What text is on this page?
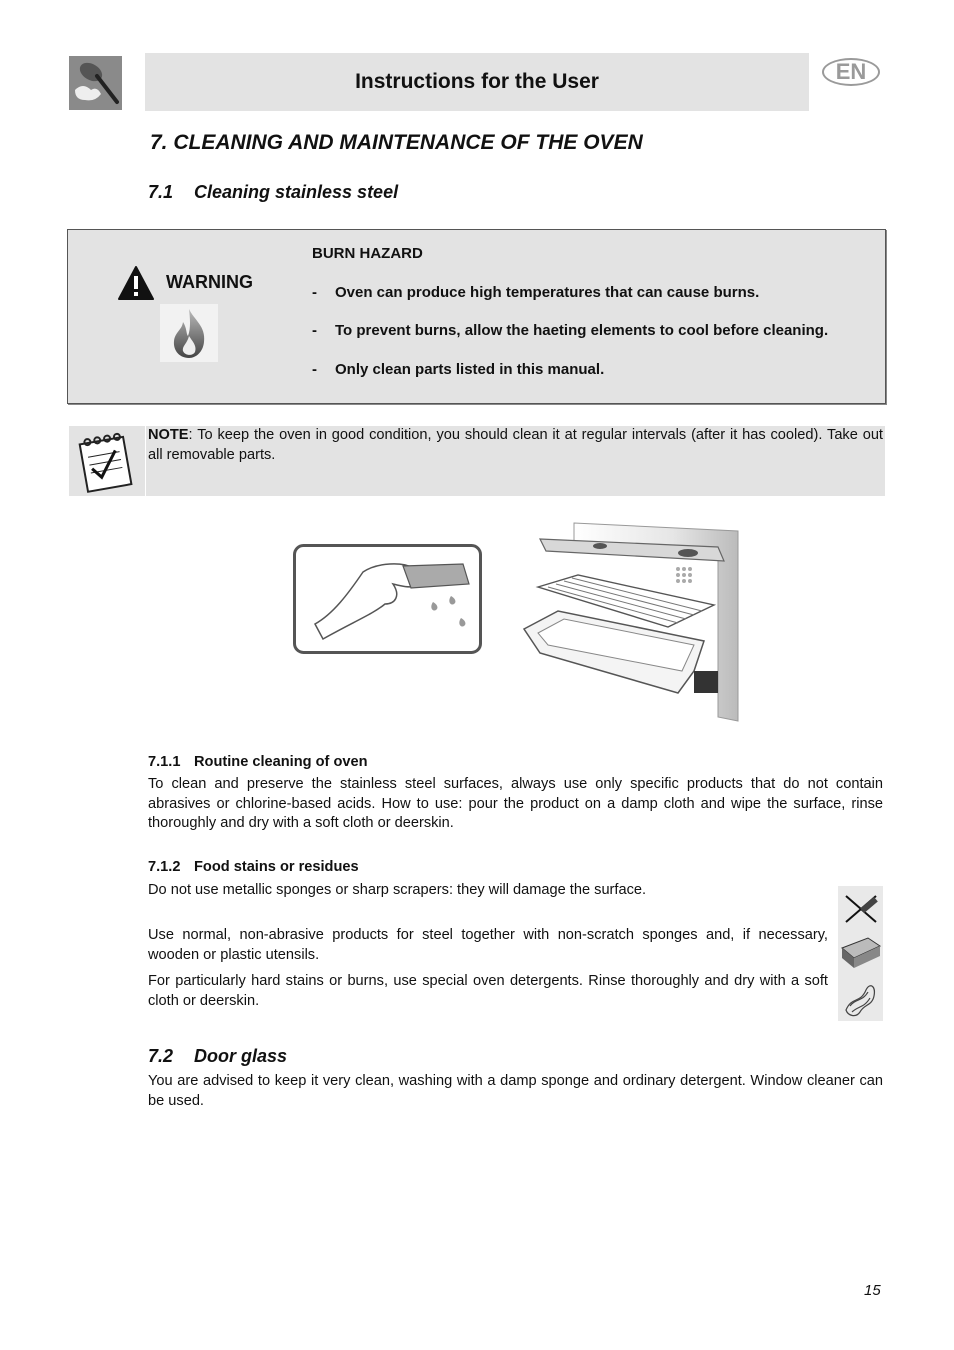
Instructions for the User	EN
7. CLEANING AND MAINTENANCE OF THE OVEN
7.1 Cleaning stainless steel
WARNING
BURN HAZARD
- Oven can produce high temperatures that can cause burns.
- To prevent burns, allow the haeting elements to cool before cleaning.
- Only clean parts listed in this manual.
NOTE: To keep the oven in good condition, you should clean it at regular intervals (after it has cooled). Take out all removable parts.
7.1.1 Routine cleaning of oven
To clean and preserve the stainless steel surfaces, always use only specific products that do not contain abrasives or chlorine-based acids. How to use: pour the product on a damp cloth and wipe the surface, rinse thoroughly and dry with a soft cloth or deerskin.
7.1.2 Food stains or residues
Do not use metallic sponges or sharp scrapers: they will damage the surface.
Use normal, non-abrasive products for steel together with non-scratch sponges and, if necessary, wooden or plastic utensils.
For particularly hard stains or burns, use special oven detergents. Rinse thoroughly and dry with a soft cloth or deerskin.
7.2 Door glass
You are advised to keep it very clean, washing with a damp sponge and ordinary detergent. Window cleaner can be used.
15
